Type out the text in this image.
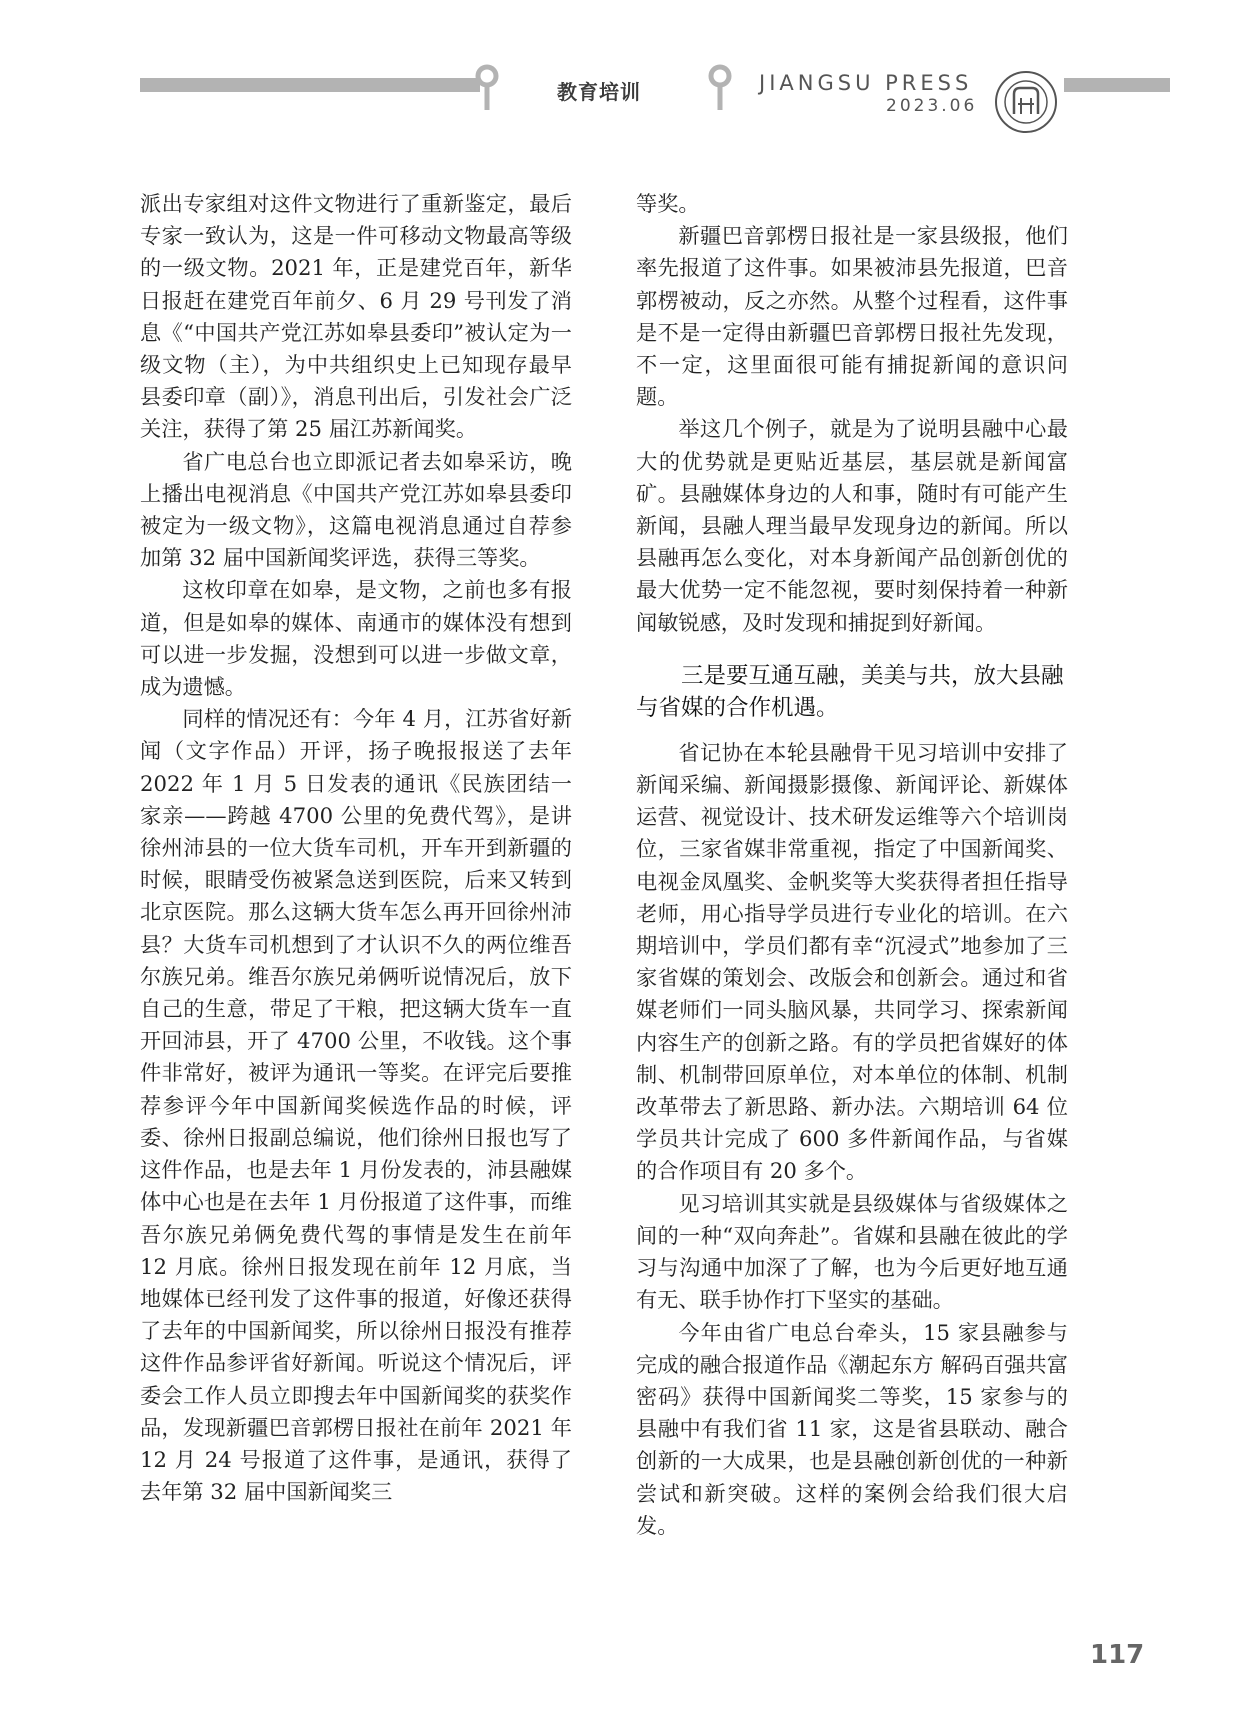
教育培训	JIANGSU PRESS
2023.06

派出专家组对这件文物进行了重新鉴定，最后专家一致认为，这是一件可移动文物最高等级的一级文物。2021 年，正是建党百年，新华日报赶在建党百年前夕、6 月 29 号刊发了消息《“中国共产党江苏如皋县委印”被认定为一级文物（主），为中共组织史上已知现存最早县委印章（副）》，消息刊出后，引发社会广泛关注，获得了第 25 届江苏新闻奖。

省广电总台也立即派记者去如皋采访，晚上播出电视消息《中国共产党江苏如皋县委印被定为一级文物》，这篇电视消息通过自荐参加第 32 届中国新闻奖评选，获得三等奖。

这枚印章在如皋，是文物，之前也多有报道，但是如皋的媒体、南通市的媒体没有想到可以进一步发掘，没想到可以进一步做文章，成为遗憾。

同样的情况还有：今年 4 月，江苏省好新闻（文字作品）开评，扬子晚报报送了去年 2022 年 1 月 5 日发表的通讯《民族团结一家亲——跨越 4700 公里的免费代驾》，是讲徐州沛县的一位大货车司机，开车开到新疆的时候，眼睛受伤被紧急送到医院，后来又转到北京医院。那么这辆大货车怎么再开回徐州沛县？大货车司机想到了才认识不久的两位维吾尔族兄弟。维吾尔族兄弟俩听说情况后，放下自己的生意，带足了干粮，把这辆大货车一直开回沛县，开了 4700 公里，不收钱。这个事件非常好，被评为通讯一等奖。在评完后要推荐参评今年中国新闻奖候选作品的时候，评委、徐州日报副总编说，他们徐州日报也写了这件作品，也是去年 1 月份发表的，沛县融媒体中心也是在去年 1 月份报道了这件事，而维吾尔族兄弟俩免费代驾的事情是发生在前年 12 月底。徐州日报发现在前年 12 月底，当地媒体已经刊发了这件事的报道，好像还获得了去年的中国新闻奖，所以徐州日报没有推荐这件作品参评省好新闻。听说这个情况后，评委会工作人员立即搜去年中国新闻奖的获奖作品，发现新疆巴音郭楞日报社在前年 2021 年 12 月 24 号报道了这件事，是通讯，获得了去年第 32 届中国新闻奖三

等奖。

新疆巴音郭楞日报社是一家县级报，他们率先报道了这件事。如果被沛县先报道，巴音郭楞被动，反之亦然。从整个过程看，这件事是不是一定得由新疆巴音郭楞日报社先发现，不一定，这里面很可能有捕捉新闻的意识问题。

举这几个例子，就是为了说明县融中心最大的优势就是更贴近基层，基层就是新闻富矿。县融媒体身边的人和事，随时有可能产生新闻，县融人理当最早发现身边的新闻。所以县融再怎么变化，对本身新闻产品创新创优的最大优势一定不能忽视，要时刻保持着一种新闻敏锐感，及时发现和捕捉到好新闻。

三是要互通互融，美美与共，放大县融与省媒的合作机遇。

省记协在本轮县融骨干见习培训中安排了新闻采编、新闻摄影摄像、新闻评论、新媒体运营、视觉设计、技术研发运维等六个培训岗位，三家省媒非常重视，指定了中国新闻奖、电视金凤凰奖、金帆奖等大奖获得者担任指导老师，用心指导学员进行专业化的培训。在六期培训中，学员们都有幸“沉浸式”地参加了三家省媒的策划会、改版会和创新会。通过和省媒老师们一同头脑风暴，共同学习、探索新闻内容生产的创新之路。有的学员把省媒好的体制、机制带回原单位，对本单位的体制、机制改革带去了新思路、新办法。六期培训 64 位学员共计完成了 600 多件新闻作品，与省媒的合作项目有 20 多个。

见习培训其实就是县级媒体与省级媒体之间的一种“双向奔赴”。省媒和县融在彼此的学习与沟通中加深了了解，也为今后更好地互通有无、联手协作打下坚实的基础。

今年由省广电总台牵头，15 家县融参与完成的融合报道作品《潮起东方 解码百强共富密码》获得中国新闻奖二等奖，15 家参与的县融中有我们省 11 家，这是省县联动、融合创新的一大成果，也是县融创新创优的一种新尝试和新突破。这样的案例会给我们很大启发。

117
